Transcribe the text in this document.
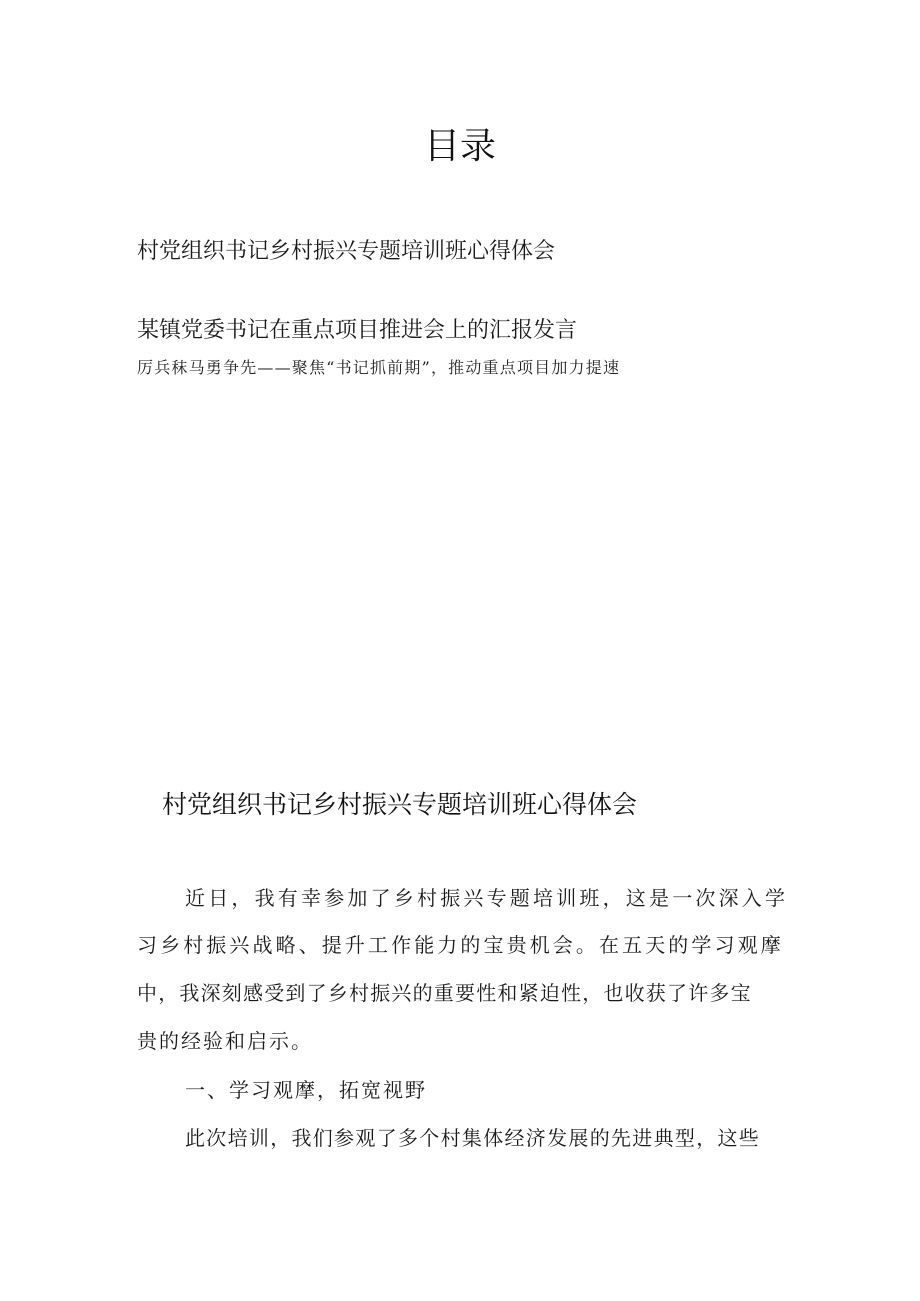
目录
村党组织书记乡村振兴专题培训班心得体会
某镇党委书记在重点项目推进会上的汇报发言
厉兵秣马勇争先——聚焦“书记抓前期”，推动重点项目加力提速
村党组织书记乡村振兴专题培训班心得体会
近日，我有幸参加了乡村振兴专题培训班，这是一次深入学
习乡村振兴战略、提升工作能力的宝贵机会。在五天的学习观摩
中，我深刻感受到了乡村振兴的重要性和紧迫性，也收获了许多宝
贵的经验和启示。
一、学习观摩，拓宽视野
此次培训，我们参观了多个村集体经济发展的先进典型，这些
